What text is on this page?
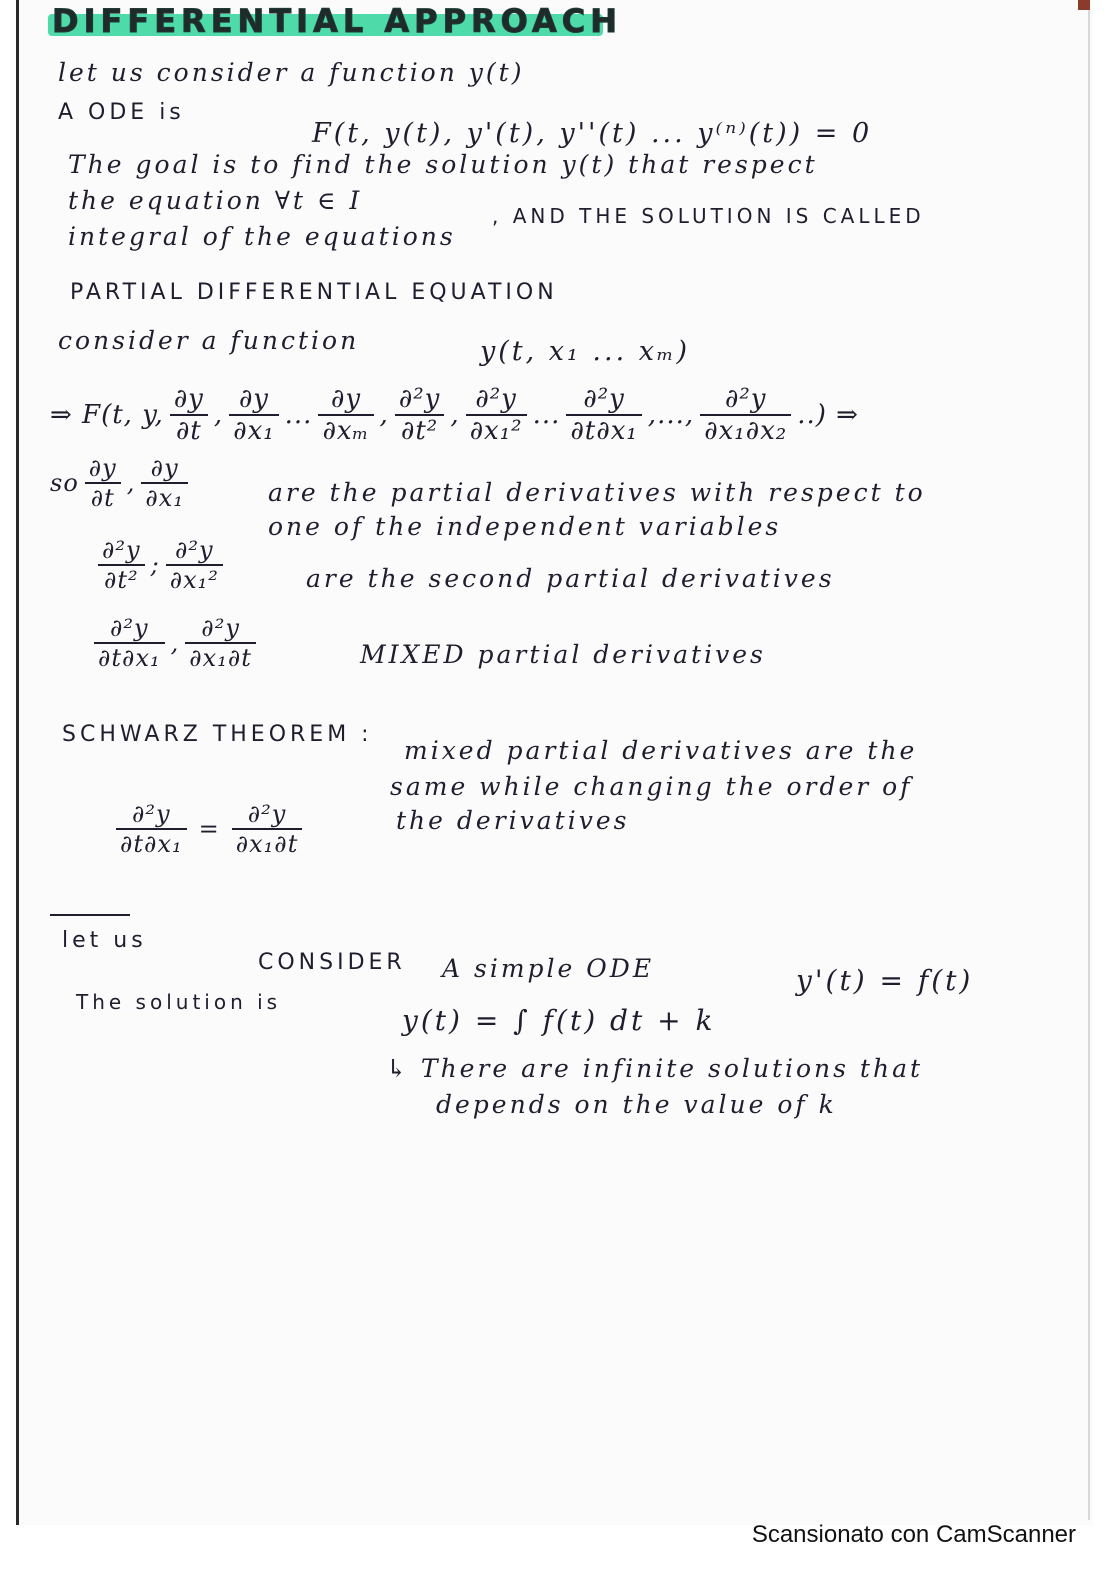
DIFFERENTIAL APPROACH
let us consider a function y(t)
A ODE is
F(t, y(t), y'(t), y''(t) ... y⁽ⁿ⁾(t)) = 0
The goal is to find the solution y(t) that respect
the equation ∀t ∈ I
, AND THE SOLUTION IS CALLED
integral of the equations
PARTIAL DIFFERENTIAL EQUATION
consider a function	y(t, x₁ ... xₘ)
⇒ F(t, y, $\frac{\partial y}{\partial t}$ , $\frac{\partial y}{\text{∂x₁}}$ ... $\frac{\partial y}{\text{∂xₘ}}$ , $\frac{\text{∂²y}}{\text{∂t²}}$ , $\frac{\text{∂²y}}{\text{∂x₁²}}$ ... $\frac{\text{∂²y}}{\text{∂t∂x₁}}$ , ... , $\frac{\text{∂²y}}{\text{∂x₁∂x₂}}$ ..) ⇒
so $\frac{\partial y}{\partial t}$ , $\frac{\partial y}{\text{∂x₁}}$	are the partial derivatives with respect to
one of the independent variables
$\frac{\text{∂²y}}{\text{∂t²}}$ ; $\frac{\text{∂²y}}{\text{∂x₁²}}$	are the second partial derivatives
$\frac{\text{∂²y}}{\text{∂t∂x₁}}$ , $\frac{\text{∂²y}}{\text{∂x₁∂t}}$	MIXED partial derivatives
SCHWARZ THEOREM :
mixed partial derivatives are the
same while changing the order of
the derivatives
$\frac{\text{∂²y}}{\text{∂t∂x₁}} = \frac{\text{∂²y}}{\text{∂x₁∂t}}$
let us
CONSIDER A simple ODE	y'(t) = f(t)
The solution is
y(t) = ∫ f(t) dt + k
↳ There are infinite solutions that
depends on the value of k
Scansionato con CamScanner
